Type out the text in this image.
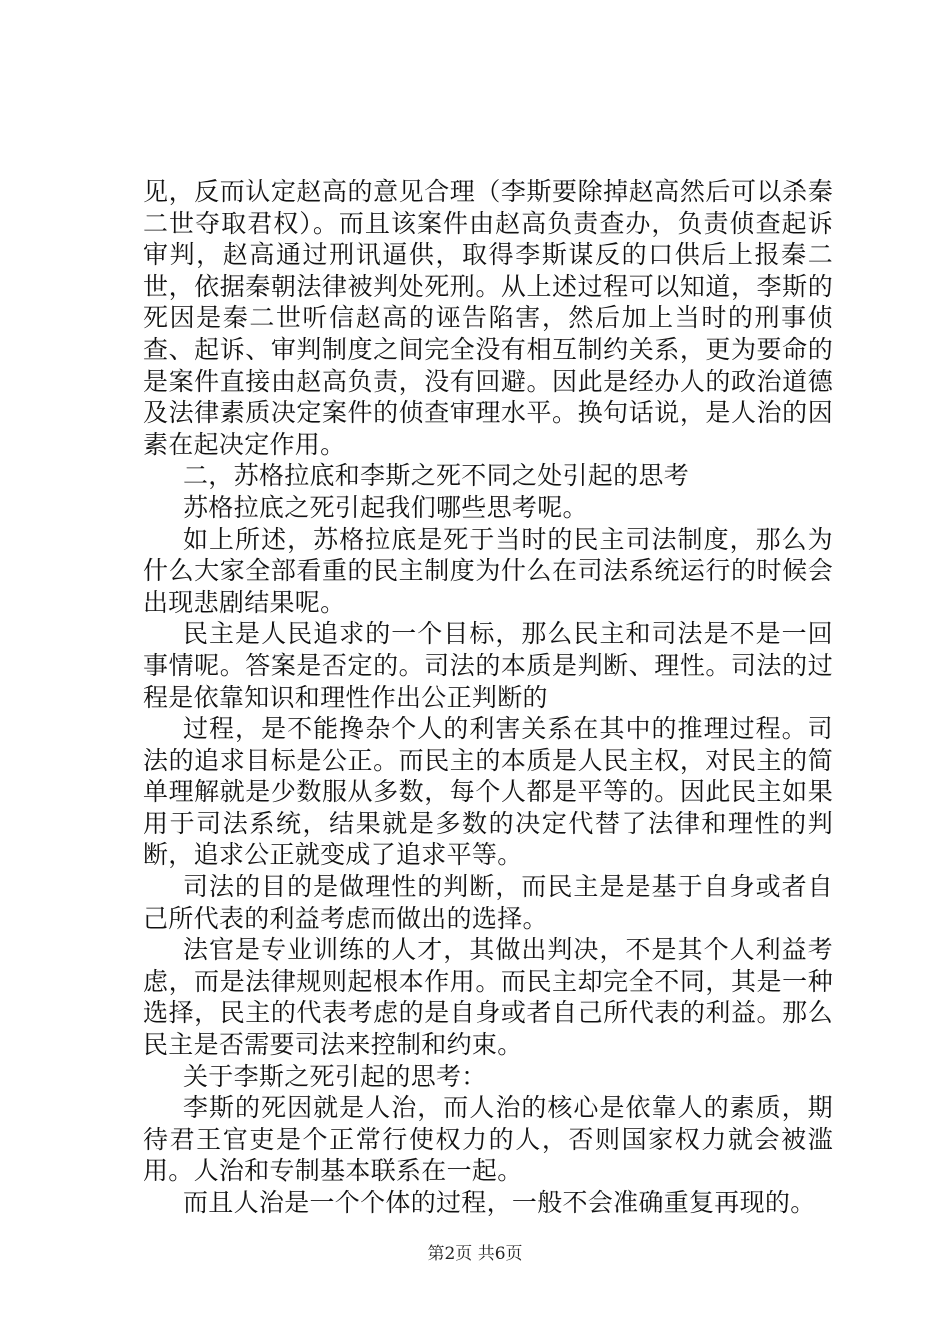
见，反而认定赵高的意见合理（李斯要除掉赵高然后可以杀秦二世夺取君权）。而且该案件由赵高负责查办，负责侦查起诉审判，赵高通过刑讯逼供，取得李斯谋反的口供后上报秦二世，依据秦朝法律被判处死刑。从上述过程可以知道，李斯的死因是秦二世听信赵高的诬告陷害，然后加上当时的刑事侦查、起诉、审判制度之间完全没有相互制约关系，更为要命的是案件直接由赵高负责，没有回避。因此是经办人的政治道德及法律素质决定案件的侦查审理水平。换句话说，是人治的因素在起决定作用。

二，苏格拉底和李斯之死不同之处引起的思考

苏格拉底之死引起我们哪些思考呢。

如上所述，苏格拉底是死于当时的民主司法制度，那么为什么大家全部看重的民主制度为什么在司法系统运行的时候会出现悲剧结果呢。

民主是人民追求的一个目标，那么民主和司法是不是一回事情呢。答案是否定的。司法的本质是判断、理性。司法的过程是依靠知识和理性作出公正判断的

过程，是不能搀杂个人的利害关系在其中的推理过程。司法的追求目标是公正。而民主的本质是人民主权，对民主的简单理解就是少数服从多数，每个人都是平等的。因此民主如果用于司法系统，结果就是多数的决定代替了法律和理性的判断，追求公正就变成了追求平等。

司法的目的是做理性的判断，而民主是是基于自身或者自己所代表的利益考虑而做出的选择。

法官是专业训练的人才，其做出判决，不是其个人利益考虑，而是法律规则起根本作用。而民主却完全不同，其是一种选择，民主的代表考虑的是自身或者自己所代表的利益。那么民主是否需要司法来控制和约束。

关于李斯之死引起的思考：

李斯的死因就是人治，而人治的核心是依靠人的素质，期待君王官吏是个正常行使权力的人，否则国家权力就会被滥用。人治和专制基本联系在一起。

而且人治是一个个体的过程，一般不会准确重复再现的。

第2页 共6页
